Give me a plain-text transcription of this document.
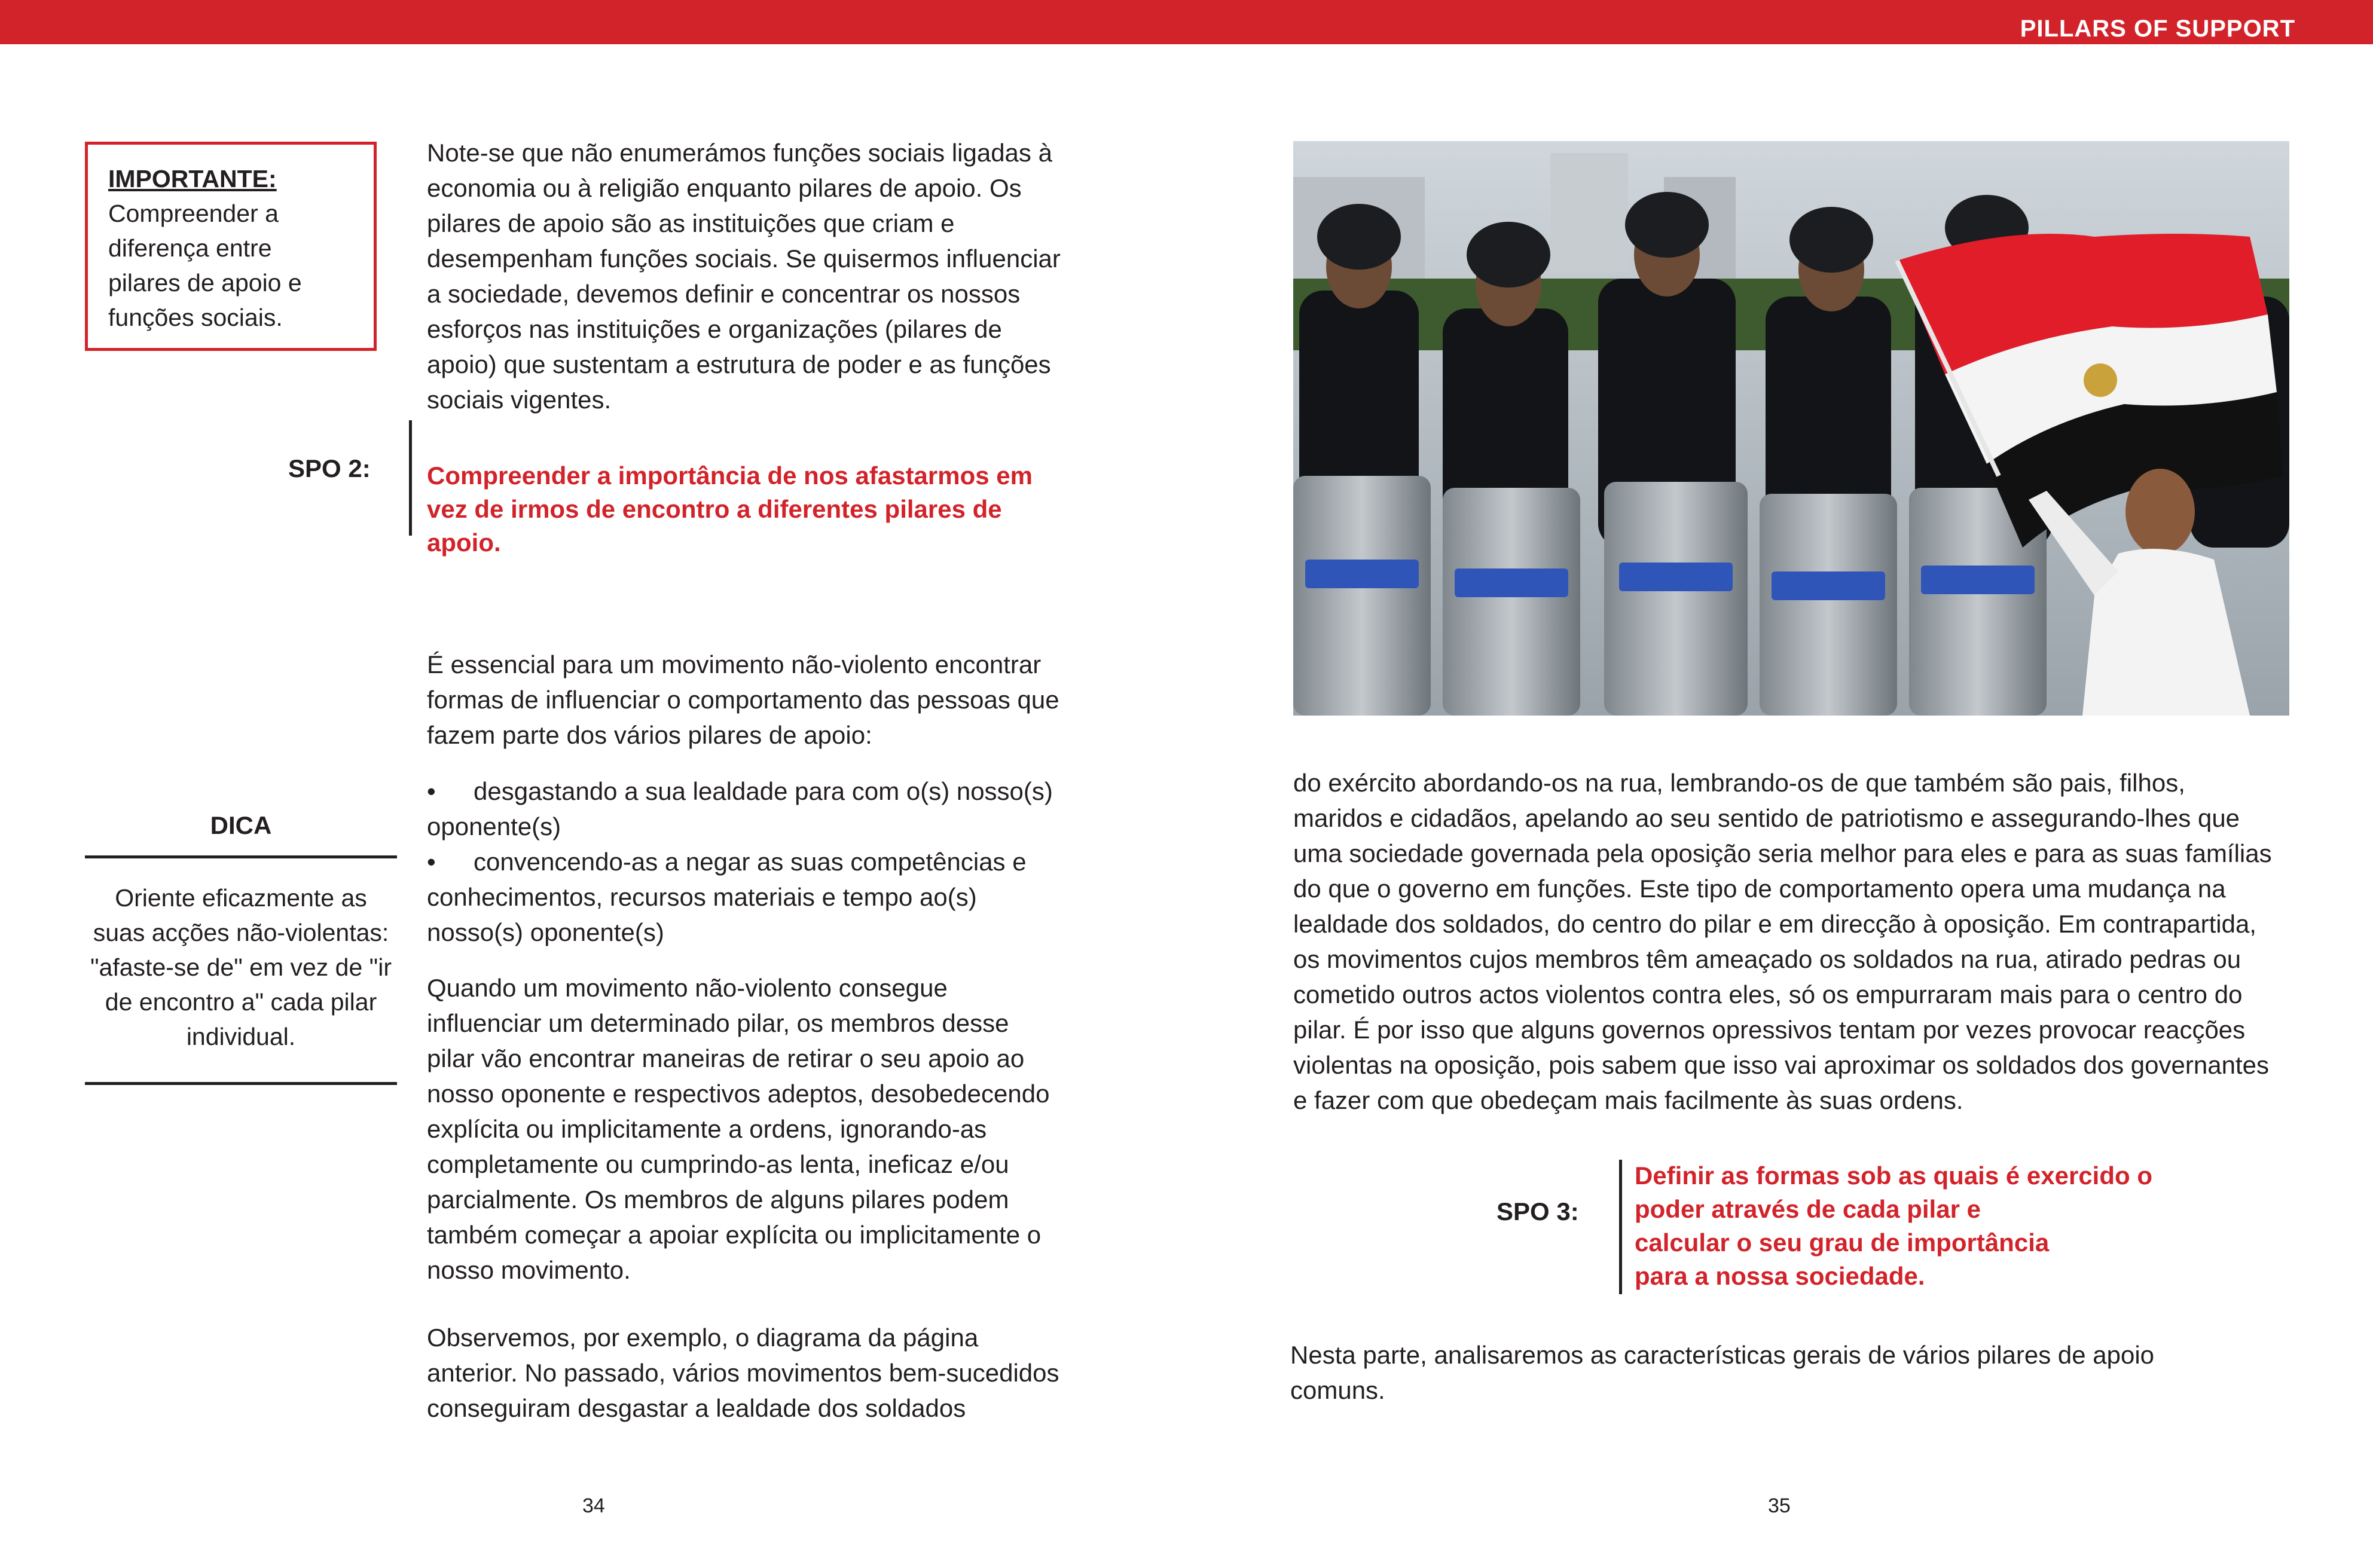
PILLARS OF SUPPORT
IMPORTANTE:
Compreender a
diferença entre
pilares de apoio e
funções sociais.
Note-se que não enumerámos funções sociais ligadas à
economia ou à religião enquanto pilares de apoio. Os
pilares de apoio são as instituições que criam e
desempenham funções sociais. Se quisermos influenciar
a sociedade, devemos definir e concentrar os nossos
esforços nas instituições e organizações (pilares de
apoio) que sustentam a estrutura de poder e as funções
sociais vigentes.
SPO 2: Compreender a importância de nos afastarmos em
vez de irmos de encontro a diferentes pilares de
apoio.
É essencial para um movimento não-violento encontrar
formas de influenciar o comportamento das pessoas que
fazem parte dos vários pilares de apoio:
• desgastando a sua lealdade para com o(s) nosso(s)
oponente(s)
• convencendo-as a negar as suas competências e
conhecimentos, recursos materiais e tempo ao(s)
nosso(s) oponente(s)
Quando um movimento não-violento consegue
influenciar um determinado pilar, os membros desse
pilar vão encontrar maneiras de retirar o seu apoio ao
nosso oponente e respectivos adeptos, desobedecendo
explícita ou implicitamente a ordens, ignorando-as
completamente ou cumprindo-as lenta, ineficaz e/ou
parcialmente. Os membros de alguns pilares podem
também começar a apoiar explícita ou implicitamente o
nosso movimento.
Observemos, por exemplo, o diagrama da página
anterior. No passado, vários movimentos bem-sucedidos
conseguiram desgastar a lealdade dos soldados
DICA
Oriente eficazmente as
suas acções não-violentas:
"afaste-se de" em vez de "ir
de encontro a" cada pilar
individual.
34
do exército abordando-os na rua, lembrando-os de que também são pais, filhos,
maridos e cidadãos, apelando ao seu sentido de patriotismo e assegurando-lhes que
uma sociedade governada pela oposição seria melhor para eles e para as suas famílias
do que o governo em funções. Este tipo de comportamento opera uma mudança na
lealdade dos soldados, do centro do pilar e em direcção à oposição. Em contrapartida,
os movimentos cujos membros têm ameaçado os soldados na rua, atirado pedras ou
cometido outros actos violentos contra eles, só os empurraram mais para o centro do
pilar. É por isso que alguns governos opressivos tentam por vezes provocar reacções
violentas na oposição, pois sabem que isso vai aproximar os soldados dos governantes
e fazer com que obedeçam mais facilmente às suas ordens.
SPO 3:
Definir as formas sob as quais é exercido o
poder através de cada pilar e
calcular o seu grau de importância
para a nossa sociedade.
Nesta parte, analisaremos as características gerais de vários pilares de apoio
comuns.
35
